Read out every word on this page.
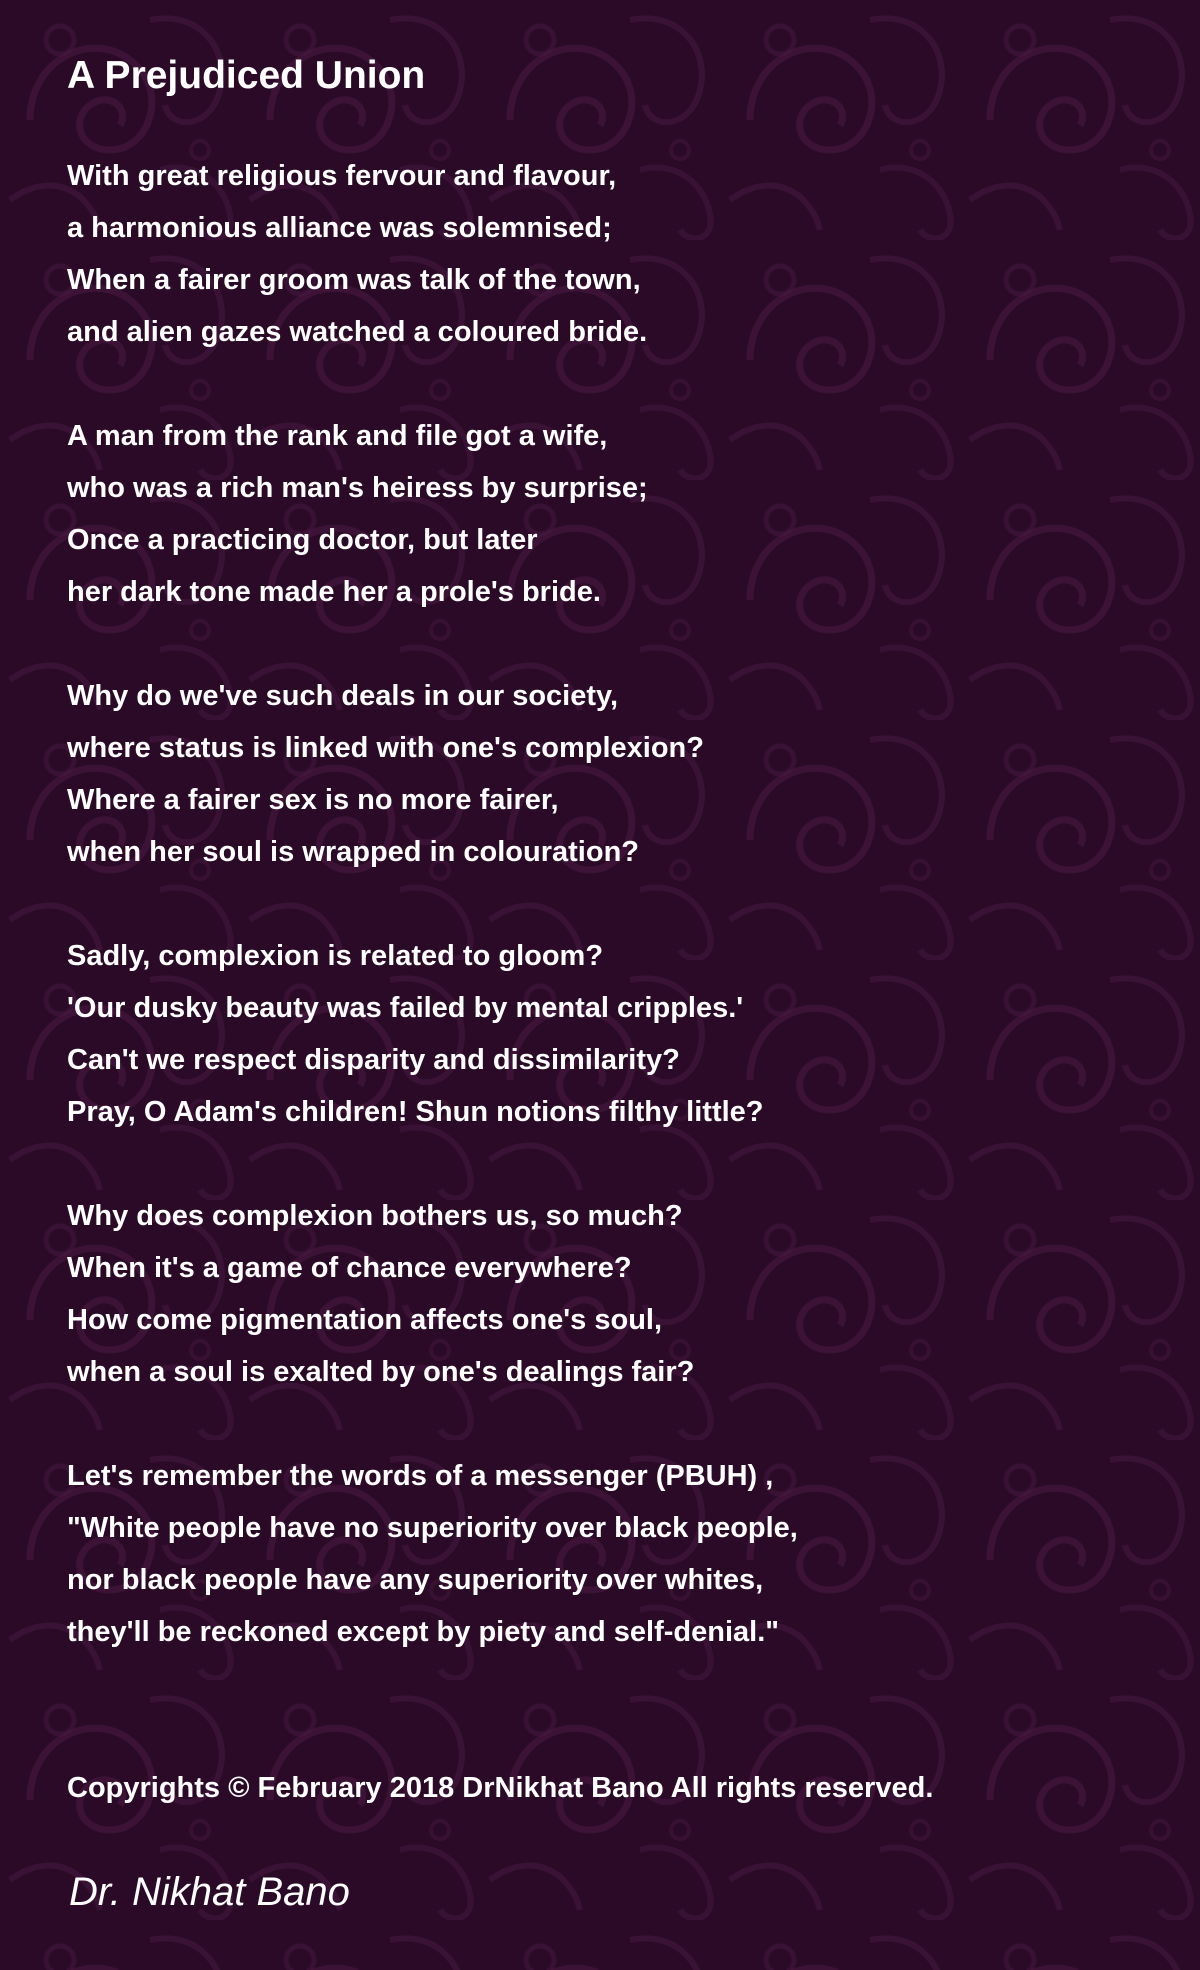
A Prejudiced Union
With great religious fervour and flavour,
a harmonious alliance was solemnised;
When a fairer groom was talk of the town,
and alien gazes watched a coloured bride.
A man from the rank and file got a wife,
who was a rich man's heiress by surprise;
Once a practicing doctor, but later
her dark tone made her a prole's bride.
Why do we've such deals in our society,
where status is linked with one's complexion?
Where a fairer sex is no more fairer,
when her soul is wrapped in colouration?
Sadly, complexion is related to gloom?
'Our dusky beauty was failed by mental cripples.'
Can't we respect disparity and dissimilarity?
Pray, O Adam's children! Shun notions filthy little?
Why does complexion bothers us, so much?
When it's a game of chance everywhere?
How come pigmentation affects one's soul,
when a soul is exalted by one's dealings fair?
Let's remember the words of a messenger (PBUH) ,
"White people have no superiority over black people,
nor black people have any superiority over whites,
they'll be reckoned except by piety and self-denial."
Copyrights © February 2018 DrNikhat Bano All rights reserved.
Dr. Nikhat Bano
